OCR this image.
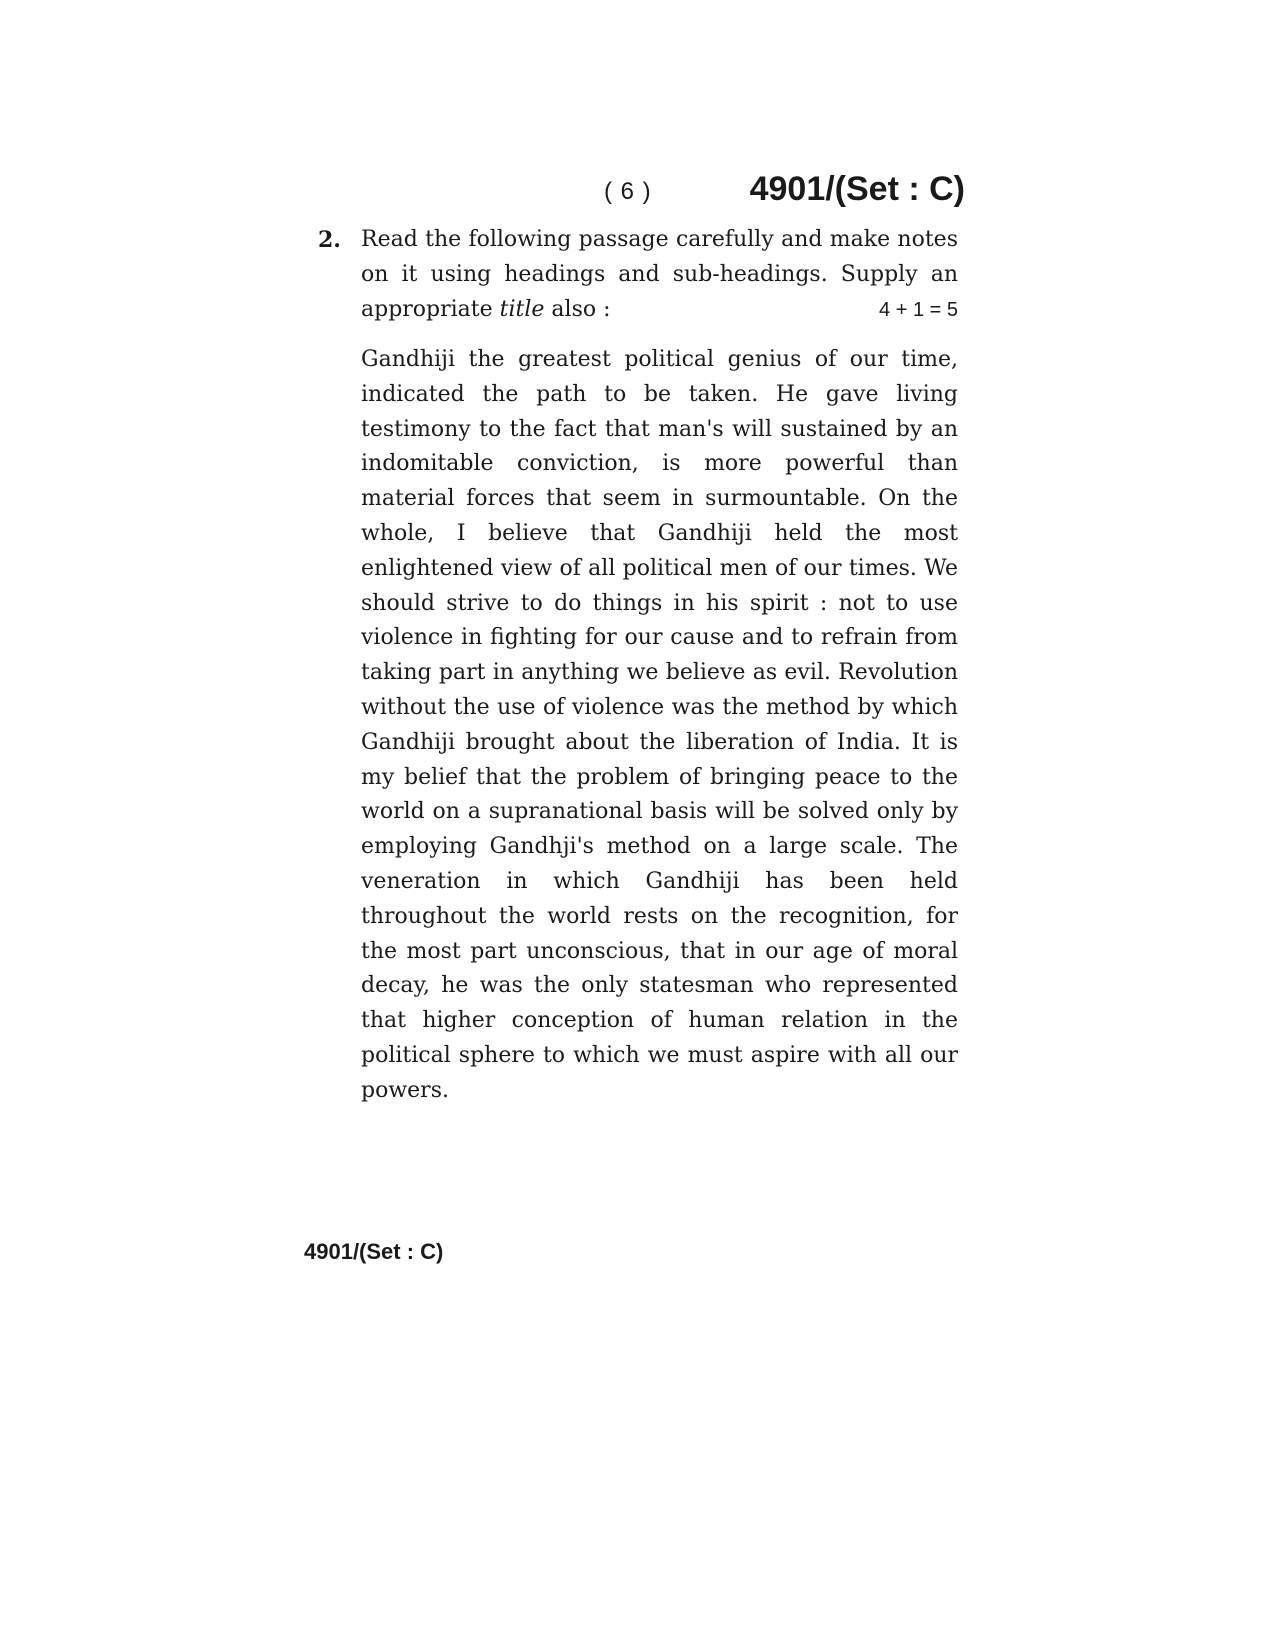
( 6 )	4901/(Set : C)
2. Read the following passage carefully and make notes on it using headings and sub-headings. Supply an appropriate title also :	4 + 1 = 5
Gandhiji the greatest political genius of our time, indicated the path to be taken. He gave living testimony to the fact that man's will sustained by an indomitable conviction, is more powerful than material forces that seem in surmountable. On the whole, I believe that Gandhiji held the most enlightened view of all political men of our times. We should strive to do things in his spirit : not to use violence in fighting for our cause and to refrain from taking part in anything we believe as evil. Revolution without the use of violence was the method by which Gandhiji brought about the liberation of India. It is my belief that the problem of bringing peace to the world on a supranational basis will be solved only by employing Gandhji's method on a large scale. The veneration in which Gandhiji has been held throughout the world rests on the recognition, for the most part unconscious, that in our age of moral decay, he was the only statesman who represented that higher conception of human relation in the political sphere to which we must aspire with all our powers.
4901/(Set : C)
